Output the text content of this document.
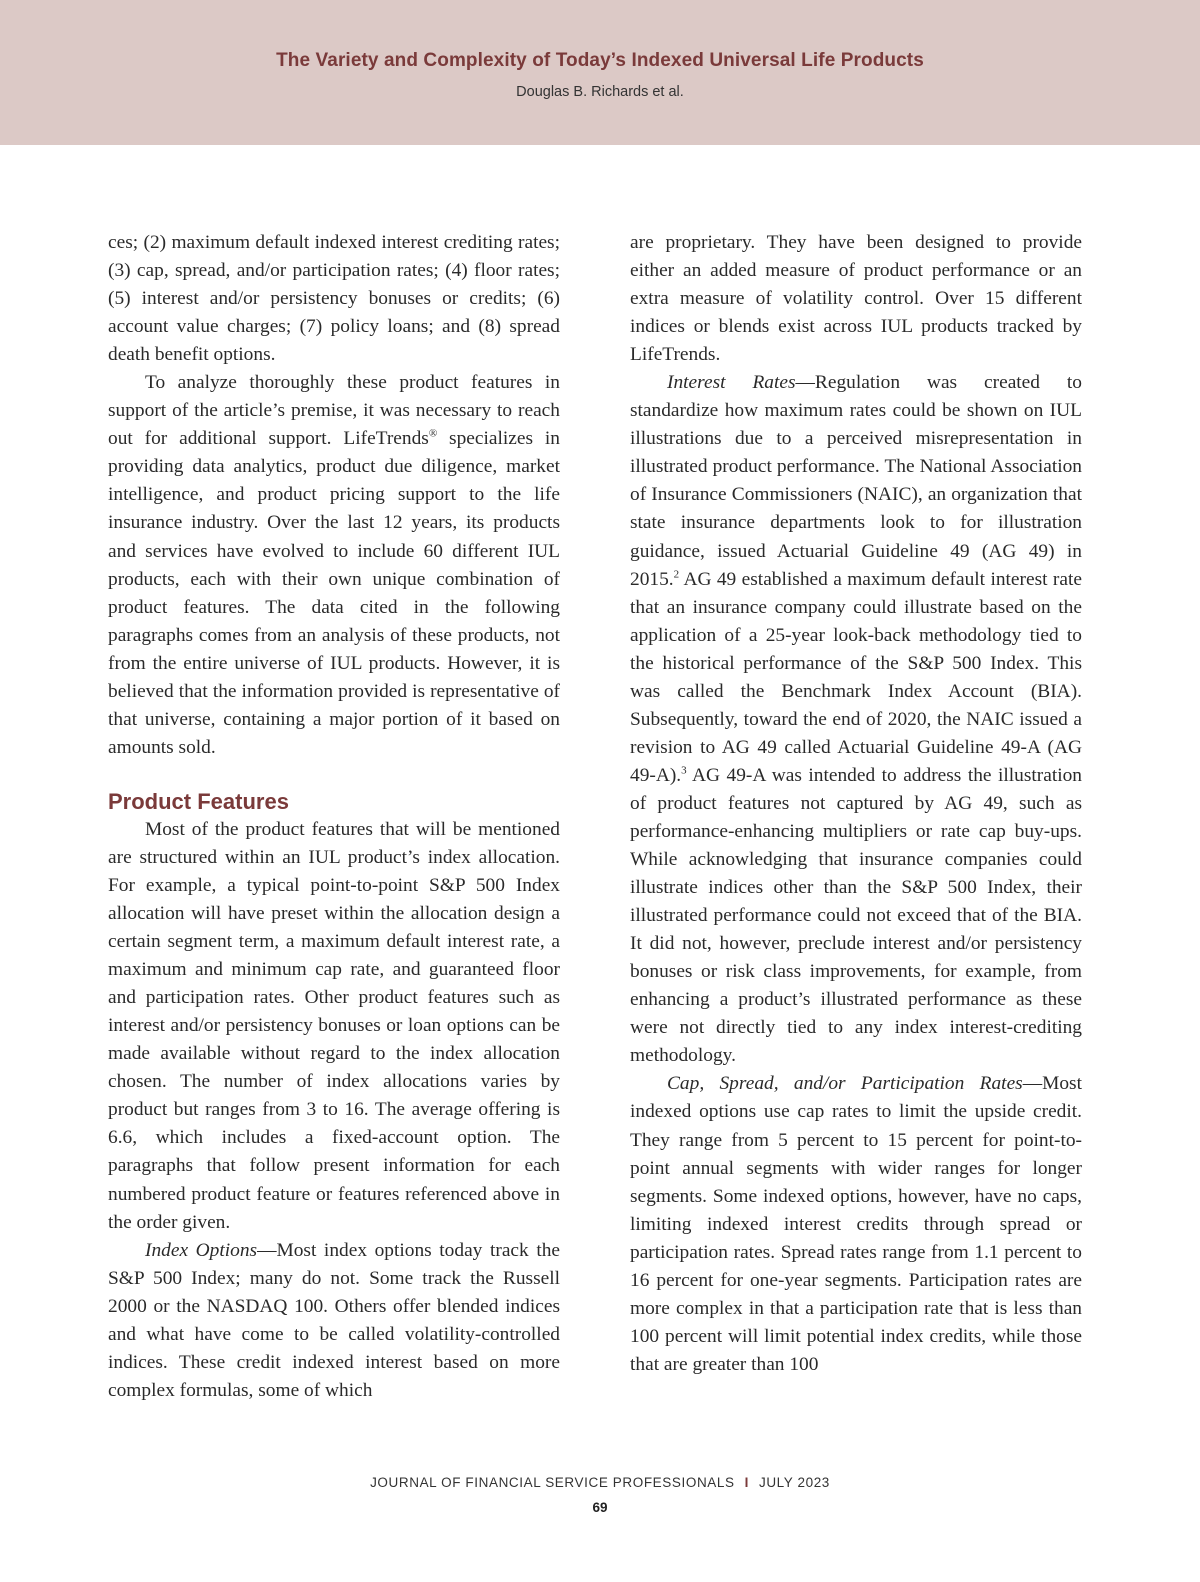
The Variety and Complexity of Today’s Indexed Universal Life Products
Douglas B. Richards et al.

ces; (2) maximum default indexed interest crediting rates; (3) cap, spread, and/or participation rates; (4) floor rates; (5) interest and/or persistency bonuses or credits; (6) account value charges; (7) policy loans; and (8) spread death benefit options.

To analyze thoroughly these product features in support of the article’s premise, it was necessary to reach out for additional support. LifeTrends® specializes in providing data analytics, product due diligence, market intelligence, and product pricing support to the life insurance industry. Over the last 12 years, its products and services have evolved to include 60 different IUL products, each with their own unique combination of product features. The data cited in the following paragraphs comes from an analysis of these products, not from the entire universe of IUL products. However, it is believed that the information provided is representative of that universe, containing a major portion of it based on amounts sold.

Product Features

Most of the product features that will be mentioned are structured within an IUL product’s index allocation. For example, a typical point-to-point S&P 500 Index allocation will have preset within the allocation design a certain segment term, a maximum default interest rate, a maximum and minimum cap rate, and guaranteed floor and participation rates. Other product features such as interest and/or persistency bonuses or loan options can be made available without regard to the index allocation chosen. The number of index allocations varies by product but ranges from 3 to 16. The average offering is 6.6, which includes a fixed-account option. The paragraphs that follow present information for each numbered product feature or features referenced above in the order given.

Index Options—Most index options today track the S&P 500 Index; many do not. Some track the Russell 2000 or the NASDAQ 100. Others offer blended indices and what have come to be called volatility-controlled indices. These credit indexed interest based on more complex formulas, some of which

are proprietary. They have been designed to provide either an added measure of product performance or an extra measure of volatility control. Over 15 different indices or blends exist across IUL products tracked by LifeTrends.

Interest Rates—Regulation was created to standardize how maximum rates could be shown on IUL illustrations due to a perceived misrepresentation in illustrated product performance. The National Association of Insurance Commissioners (NAIC), an organization that state insurance departments look to for illustration guidance, issued Actuarial Guideline 49 (AG 49) in 2015.$^2$ AG 49 established a maximum default interest rate that an insurance company could illustrate based on the application of a 25-year look-back methodology tied to the historical performance of the S&P 500 Index. This was called the Benchmark Index Account (BIA). Subsequently, toward the end of 2020, the NAIC issued a revision to AG 49 called Actuarial Guideline 49-A (AG 49-A).$^3$ AG 49-A was intended to address the illustration of product features not captured by AG 49, such as performance-enhancing multipliers or rate cap buy-ups. While acknowledging that insurance companies could illustrate indices other than the S&P 500 Index, their illustrated performance could not exceed that of the BIA. It did not, however, preclude interest and/or persistency bonuses or risk class improvements, for example, from enhancing a product’s illustrated performance as these were not directly tied to any index interest-crediting methodology.

Cap, Spread, and/or Participation Rates—Most indexed options use cap rates to limit the upside credit. They range from 5 percent to 15 percent for point-to-point annual segments with wider ranges for longer segments. Some indexed options, however, have no caps, limiting indexed interest credits through spread or participation rates. Spread rates range from 1.1 percent to 16 percent for one-year segments. Participation rates are more complex in that a participation rate that is less than 100 percent will limit potential index credits, while those that are greater than 100

JOURNAL OF FINANCIAL SERVICE PROFESSIONALS I JULY 2023
69
